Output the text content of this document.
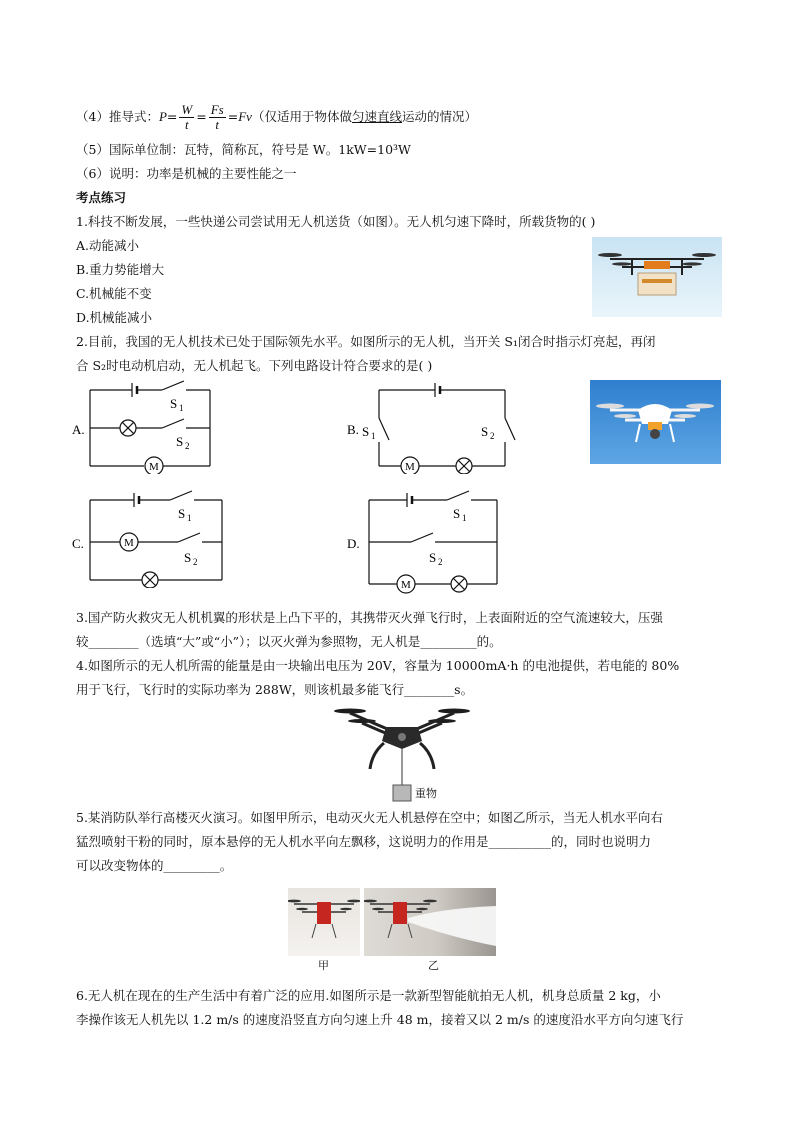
（4）推导式：$P= \frac{W}{t} = \frac{Fs}{t} =Fv$（仅适用于物体做匀速直线运动的情况）
（5）国际单位制：瓦特，简称瓦，符号是 W。1kW=10³W
（6）说明：功率是机械的主要性能之一
考点练习
1.科技不断发展，一些快递公司尝试用无人机送货（如图）。无人机匀速下降时，所载货物的( )
A.动能减小
B.重力势能增大
C.机械能不变
D.机械能减小
2.目前，我国的无人机技术已处于国际领先水平。如图所示的无人机，当开关 S₁闭合时指示灯亮起，再闭
合 S₂时电动机启动，无人机起飞。下列电路设计符合要求的是( )
A.
M
S 1
S 2
B.
M
S 1	S 2
C.	M
S 1
S 2
D.
M
S 1
S 2
3.国产防火救灾无人机机翼的形状是上凸下平的，其携带灭火弹飞行时，上表面附近的空气流速较大，压强
较________（选填“大”或“小”）；以灭火弹为参照物，无人机是_________的。
4.如图所示的无人机所需的能量是由一块输出电压为 20V，容量为 10000mA·h 的电池提供，若电能的 80%
用于飞行，飞行时的实际功率为 288W，则该机最多能飞行________s。
重物
5.某消防队举行高楼灭火演习。如图甲所示，电动灭火无人机悬停在空中；如图乙所示，当无人机水平向右
猛烈喷射干粉的同时，原本悬停的无人机水平向左飘移，这说明力的作用是__________的，同时也说明力
可以改变物体的_________。
甲	乙
6.无人机在现在的生产生活中有着广泛的应用.如图所示是一款新型智能航拍无人机，机身总质量 2 kg，小
李操作该无人机先以 1.2 m/s 的速度沿竖直方向匀速上升 48 m，接着又以 2 m/s 的速度沿水平方向匀速飞行
